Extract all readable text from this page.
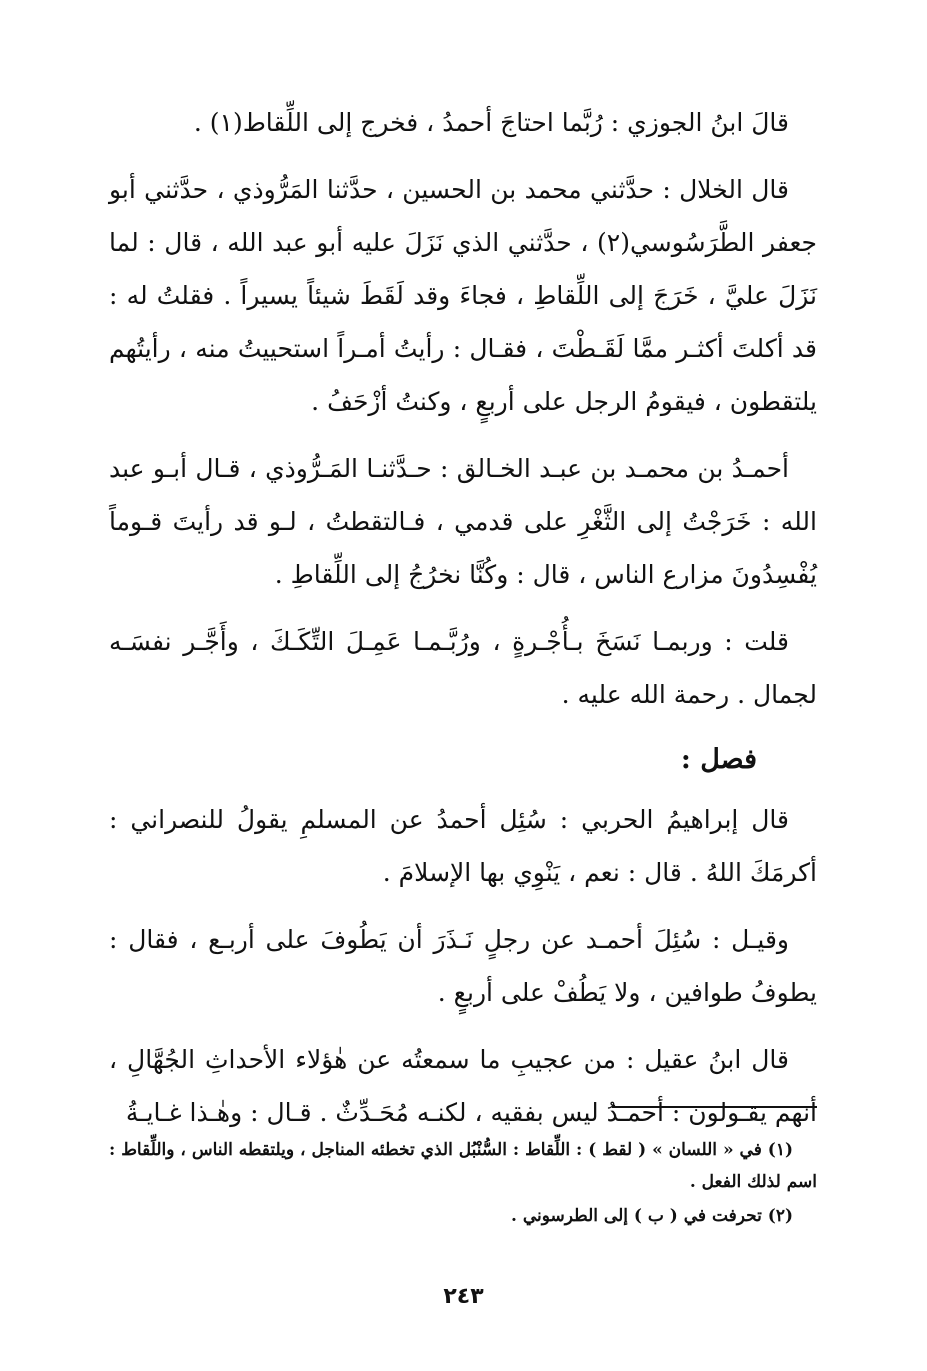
قالَ ابنُ الجوزي : رُبَّما احتاجَ أحمدُ ، فخرج إلى اللِّقاط(١) .

قال الخلال : حدَّثني محمد بن الحسين ، حدَّثنا المَرُّوذي ، حدَّثني أبو جعفر الطَّرَسُوسي(٢) ، حدَّثني الذي نَزَلَ عليه أبو عبد الله ، قال : لما نَزَلَ عليَّ ، خَرَجَ إلى اللِّقاطِ ، فجاءَ وقد لَقَطَ شيئاً يسيراً . فقلتُ له : قد أكلتَ أكثـر ممَّا لَقَـطْتَ ، فقـال : رأيتُ أمـراً استحييتُ منه ، رأيتُهم يلتقطون ، فيقومُ الرجل على أربعٍ ، وكنتُ أزْحَفُ .

أحمـدُ بن محمـد بن عبـد الخـالق : حـدَّثنـا المَـرُّوذي ، قـال أبـو عبد الله : خَرَجْتُ إلى الثَّغْرِ على قدمي ، فـالتقطتُ ، لـو قد رأيتَ قـوماً يُفْسِدُونَ مزارع الناس ، قال : وكُنَّا نخرُجُ إلى اللِّقاطِ .

قلت : وربمـا نَسَخَ بـأُجْـرةٍ ، ورُبَّـمـا عَمِـلَ التِّكَـكَ ، وأَجَّـر نفسَـه لجمال . رحمة الله عليه .

فصل :

قال إبراهيمُ الحربي : سُئِل أحمدُ عن المسلمِ يقولُ للنصراني : أكرمَكَ اللهُ . قال : نعم ، يَنْوِي بها الإسلامَ .

وقيـل : سُئِلَ أحمـد عن رجلٍ نَـذَرَ أن يَطُوفَ على أربـع ، فقال : يطوفُ طوافين ، ولا يَطُفْ على أربعٍ .

قال ابنُ عقيل : من عجيبِ ما سمعتُه عن هٰؤلاء الأحداثِ الجُهَّالِ ، أنهم يقـولون : أحمـدُ ليس بفقيه ، لكنـه مُحَـدِّثٌ . قـال : وهٰـذا غـايـةُ

(١) في « اللسان » ( لقط ) : اللِّقاط : السُّنْبُل الذي تخطئه المناجل ، ويلتقطه الناس ، واللِّقاط : اسم لذلك الفعل .

(٢) تحرفت في ( ب ) إلى الطرسوني .

٢٤٣
